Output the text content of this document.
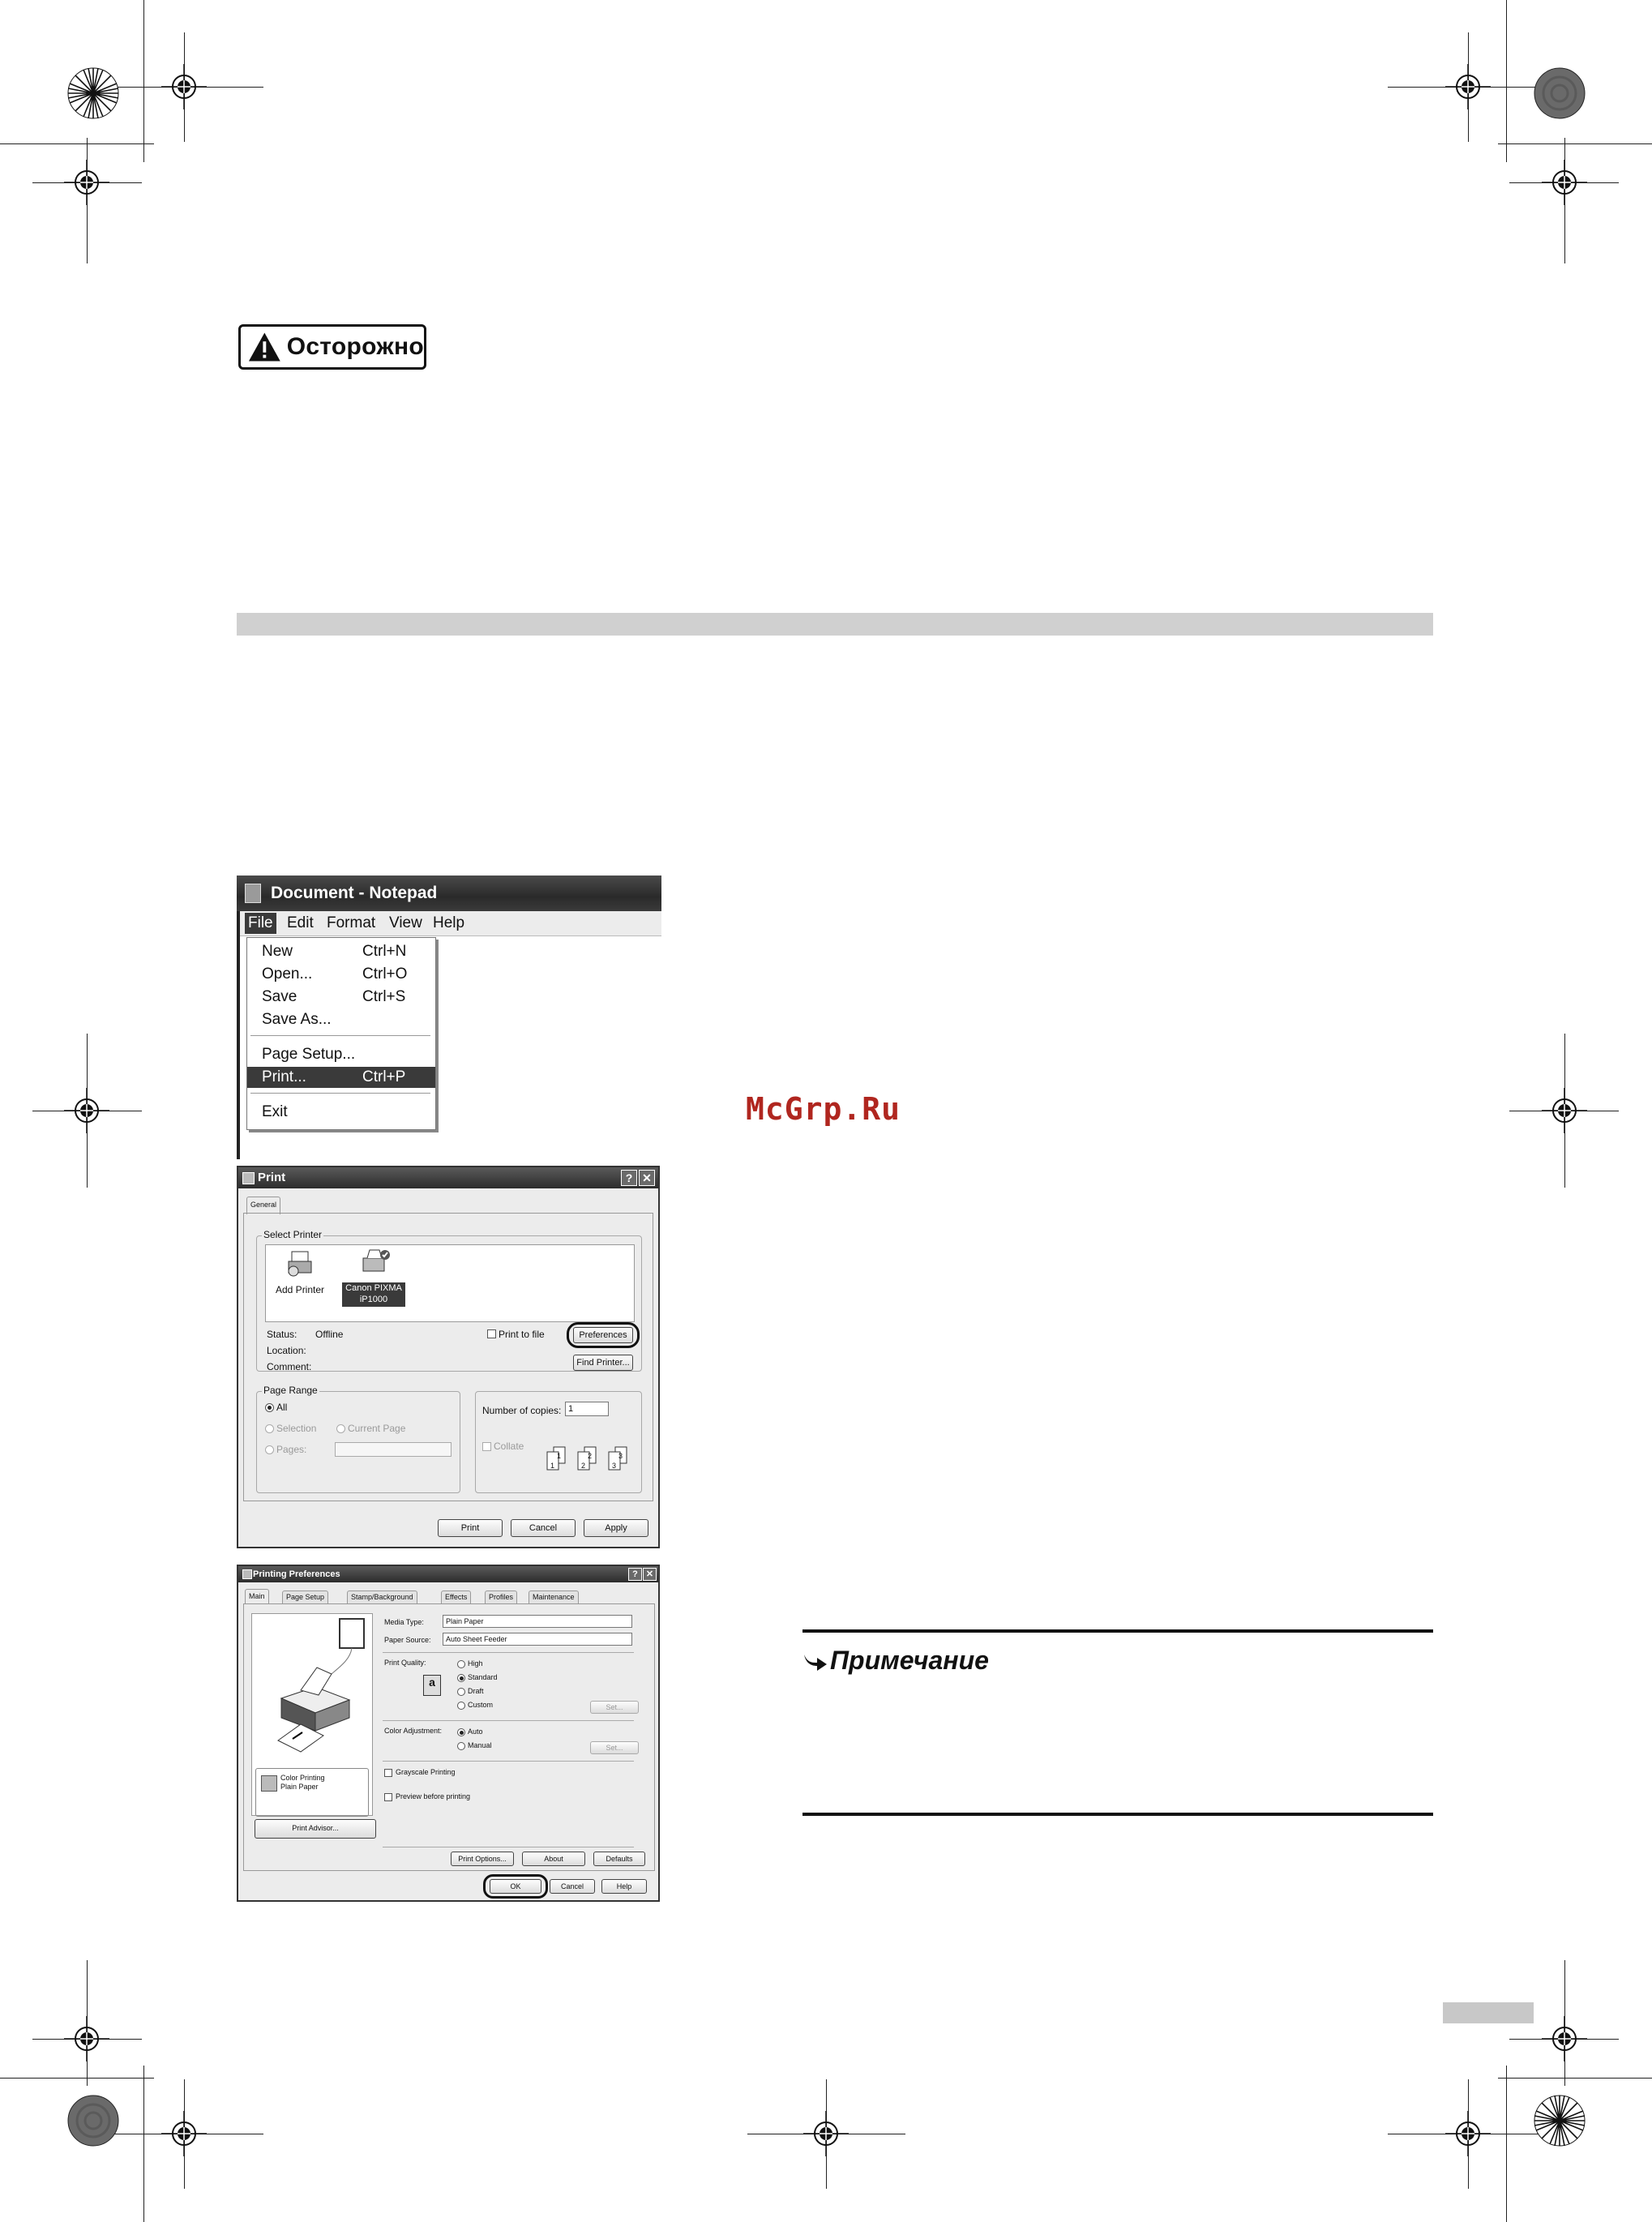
Осторожно
Document - Notepad
File Edit Format View Help
New	Ctrl+N
Open...	Ctrl+O
Save	Ctrl+S
Save As...
Page Setup...
Print...	Ctrl+P
Exit
Print	? ✕
General
Select Printer
Add Printer	Canon PIXMA iP1000
Status: Offline
Location:
Comment:
Print to file	Preferences
Find Printer...
Page Range
All
Selection	Current Page
Pages:
Number of copies: 1
Collate
1
1
2
2
3
3
Print	Cancel	Apply
Printing Preferences	? ✕
Main	Page Setup	Stamp/Background	Effects	Profiles	Maintenance
Color Printing
Plain Paper
Print Advisor...
Media Type:	Plain Paper
Paper Source:	Auto Sheet Feeder
Print Quality:
a
High
Standard
Draft
Custom	Set...
Color Adjustment:	Auto
Manual	Set...
Grayscale Printing
Preview before printing
Print Options...	About	Defaults
OK	Cancel	Help
McGrp.Ru
Примечание
